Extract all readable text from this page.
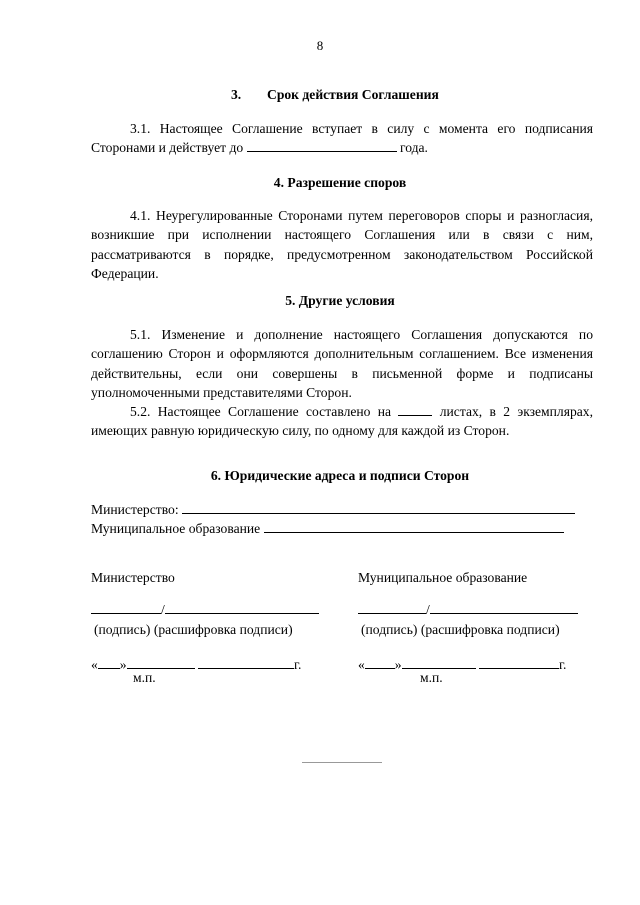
8
3. Срок действия Соглашения
3.1. Настоящее Соглашение вступает в силу с момента его подписания Сторонами и действует до	года.
4. Разрешение споров
4.1. Неурегулированные Сторонами путем переговоров споры и разногласия, возникшие при исполнении настоящего Соглашения или в связи с ним, рассматриваются в порядке, предусмотренном законодательством Российской Федерации.
5. Другие условия
5.1. Изменение и дополнение настоящего Соглашения допускаются по соглашению Сторон и оформляются дополнительным соглашением. Все изменения действительны, если они совершены в письменной форме и подписаны уполномоченными представителями Сторон.
5.2. Настоящее Соглашение составлено на	листах, в 2 экземплярах, имеющих равную юридическую силу, по одному для каждой из Сторон.
6. Юридические адреса и подписи Сторон
Министерство:
Муниципальное образование
Министерство
/
(подпись) (расшифровка подписи)
« »	г.
м.п.
Муниципальное образование
/
(подпись) (расшифровка подписи)
« »	г.
м.п.
